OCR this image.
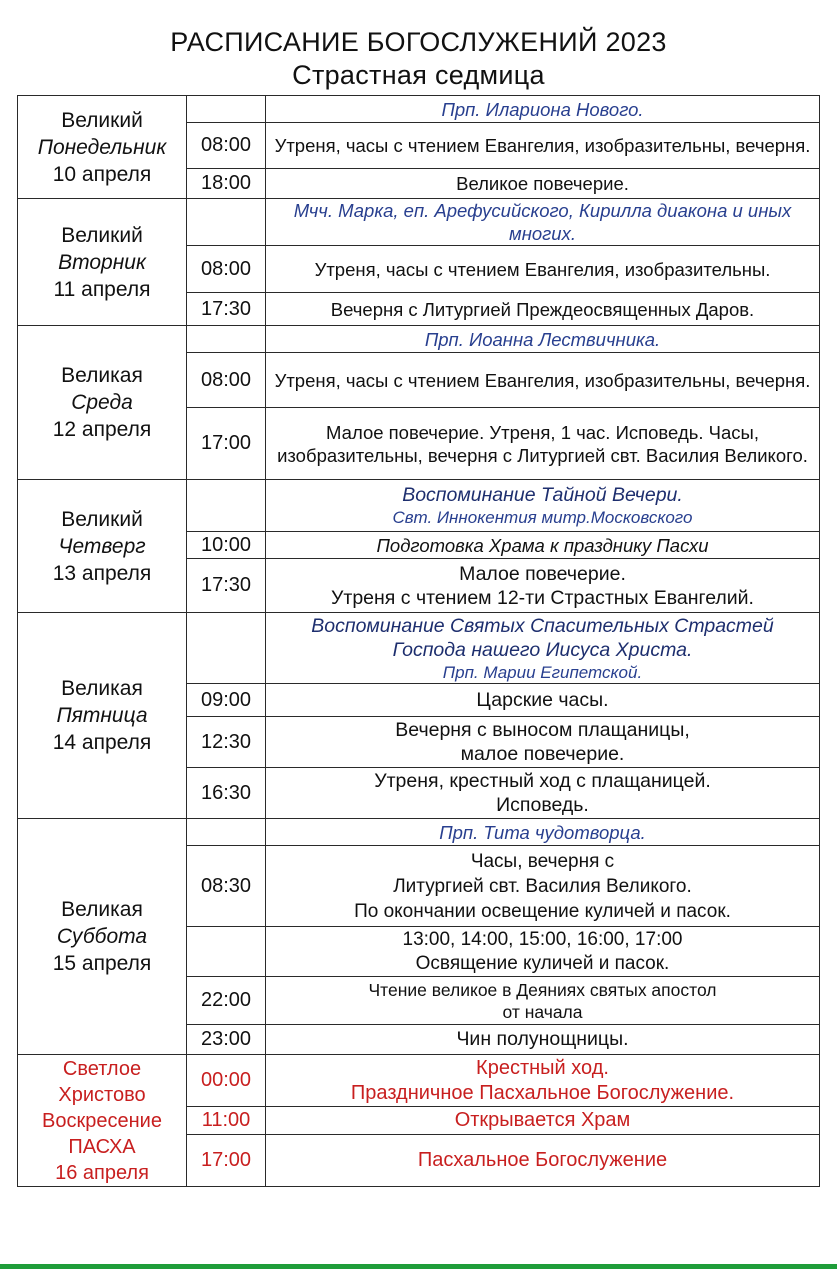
РАСПИСАНИЕ БОГОСЛУЖЕНИЙ 2023
Страстная седмица
Великий
Понедельник
10 апреля		Прп. Илариона Нового.
	08:00	Утреня, часы с чтением Евангелия, изобразительны, вечерня.
	18:00	Великое повечерие.

Великий
Вторник
11 апреля		Мчч. Марка, еп. Арефусийского, Кирилла диакона и иных многих.
	08:00	Утреня, часы с чтением Евангелия, изобразительны.
	17:30	Вечерня с Литургией Преждеосвященных Даров.

Великая
Среда
12 апреля		Прп. Иоанна Лествичника.
	08:00	Утреня, часы с чтением Евангелия, изобразительны, вечерня.
	17:00	Малое повечерие. Утреня, 1 час. Исповедь. Часы, изобразительны, вечерня с Литургией свт. Василия Великого.

Великий
Четверг
13 апреля		Воспоминание Тайной Вечери.
Свт. Иннокентия митр.Московского

	10:00	Подготовка Храма к празднику Пасхи
	17:30	Малое повечерие.
Утреня с чтением 12-ти Страстных Евангелий.

Великая
Пятница
14 апреля		Воспоминание Святых Спасительных Страстей
Господа нашего Иисуса Христа.
Прп. Марии Египетской.

	09:00	Царские часы.
	12:30	Вечерня с выносом плащаницы,
малое повечерие.

	16:30	Утреня, крестный ход с плащаницей.
Исповедь.

Великая
Суббота
15 апреля		Прп. Тита чудотворца.
	08:30	Часы, вечерня с
Литургией свт. Василия Великого.
По окончании освещение куличей и пасок.

		13:00, 14:00, 15:00, 16:00, 17:00
Освящение куличей и пасок.

	22:00	Чтение великое в Деяниях святых апостол
от начала

	23:00	Чин полунощницы.

Светлое
Христово
Воскресение
ПАСХА
16 апреля	00:00	Крестный ход.
Праздничное Пасхальное Богослужение.

	11:00	Открывается Храм
	17:00	Пасхальное Богослужение
